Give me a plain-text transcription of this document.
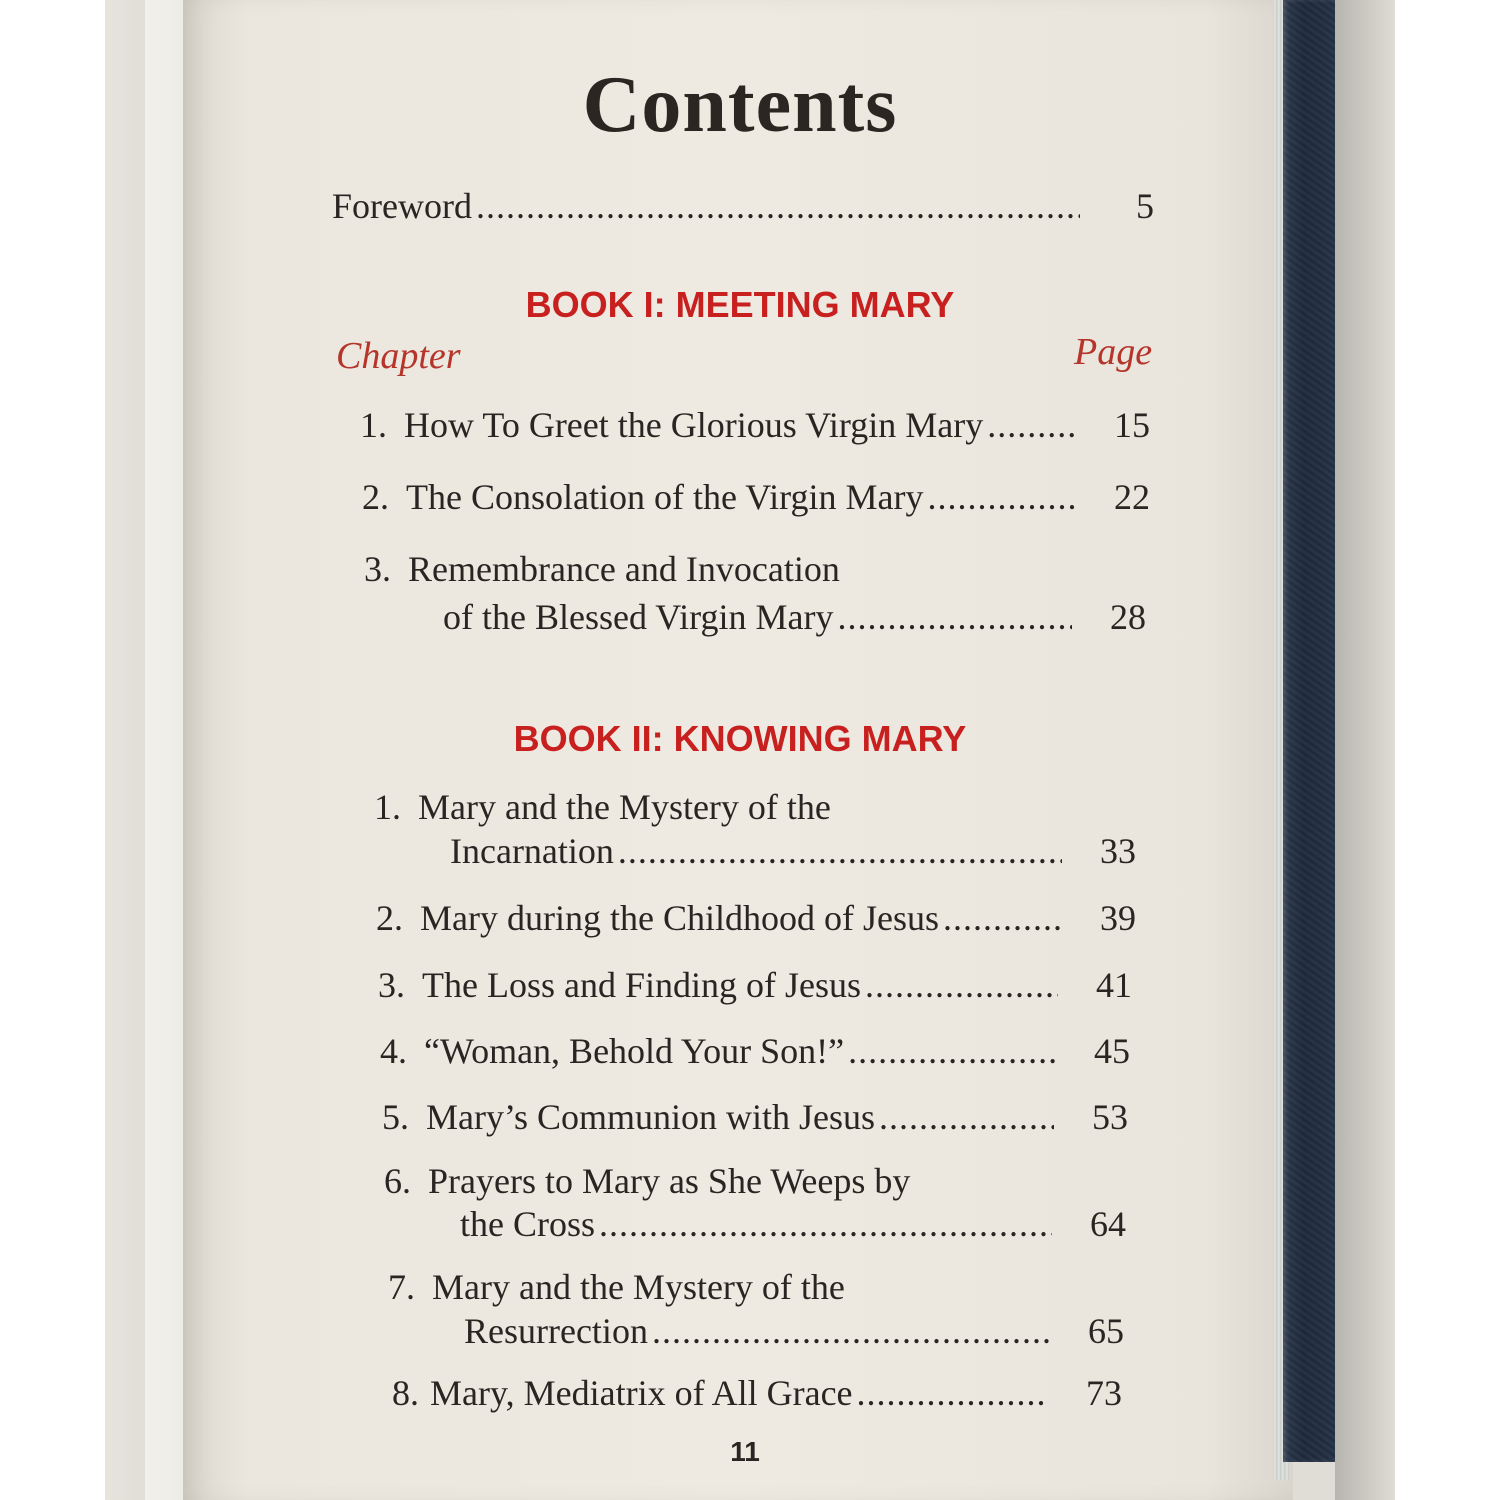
Contents
Foreword .....	5
BOOK I: MEETING MARY
Chapter	Page
1. How To Greet the Glorious Virgin Mary .....	15
2. The Consolation of the Virgin Mary .....	22
3. Remembrance and Invocation
of the Blessed Virgin Mary .....	28
BOOK II: KNOWING MARY
1. Mary and the Mystery of the
Incarnation .....	33
2. Mary during the Childhood of Jesus .....	39
3. The Loss and Finding of Jesus .....	41
4. “Woman, Behold Your Son!” .....	45
5. Mary’s Communion with Jesus .....	53
6. Prayers to Mary as She Weeps by
the Cross .....	64
7. Mary and the Mystery of the
Resurrection .....	65
8. Mary, Mediatrix of All Grace .....	73
11
